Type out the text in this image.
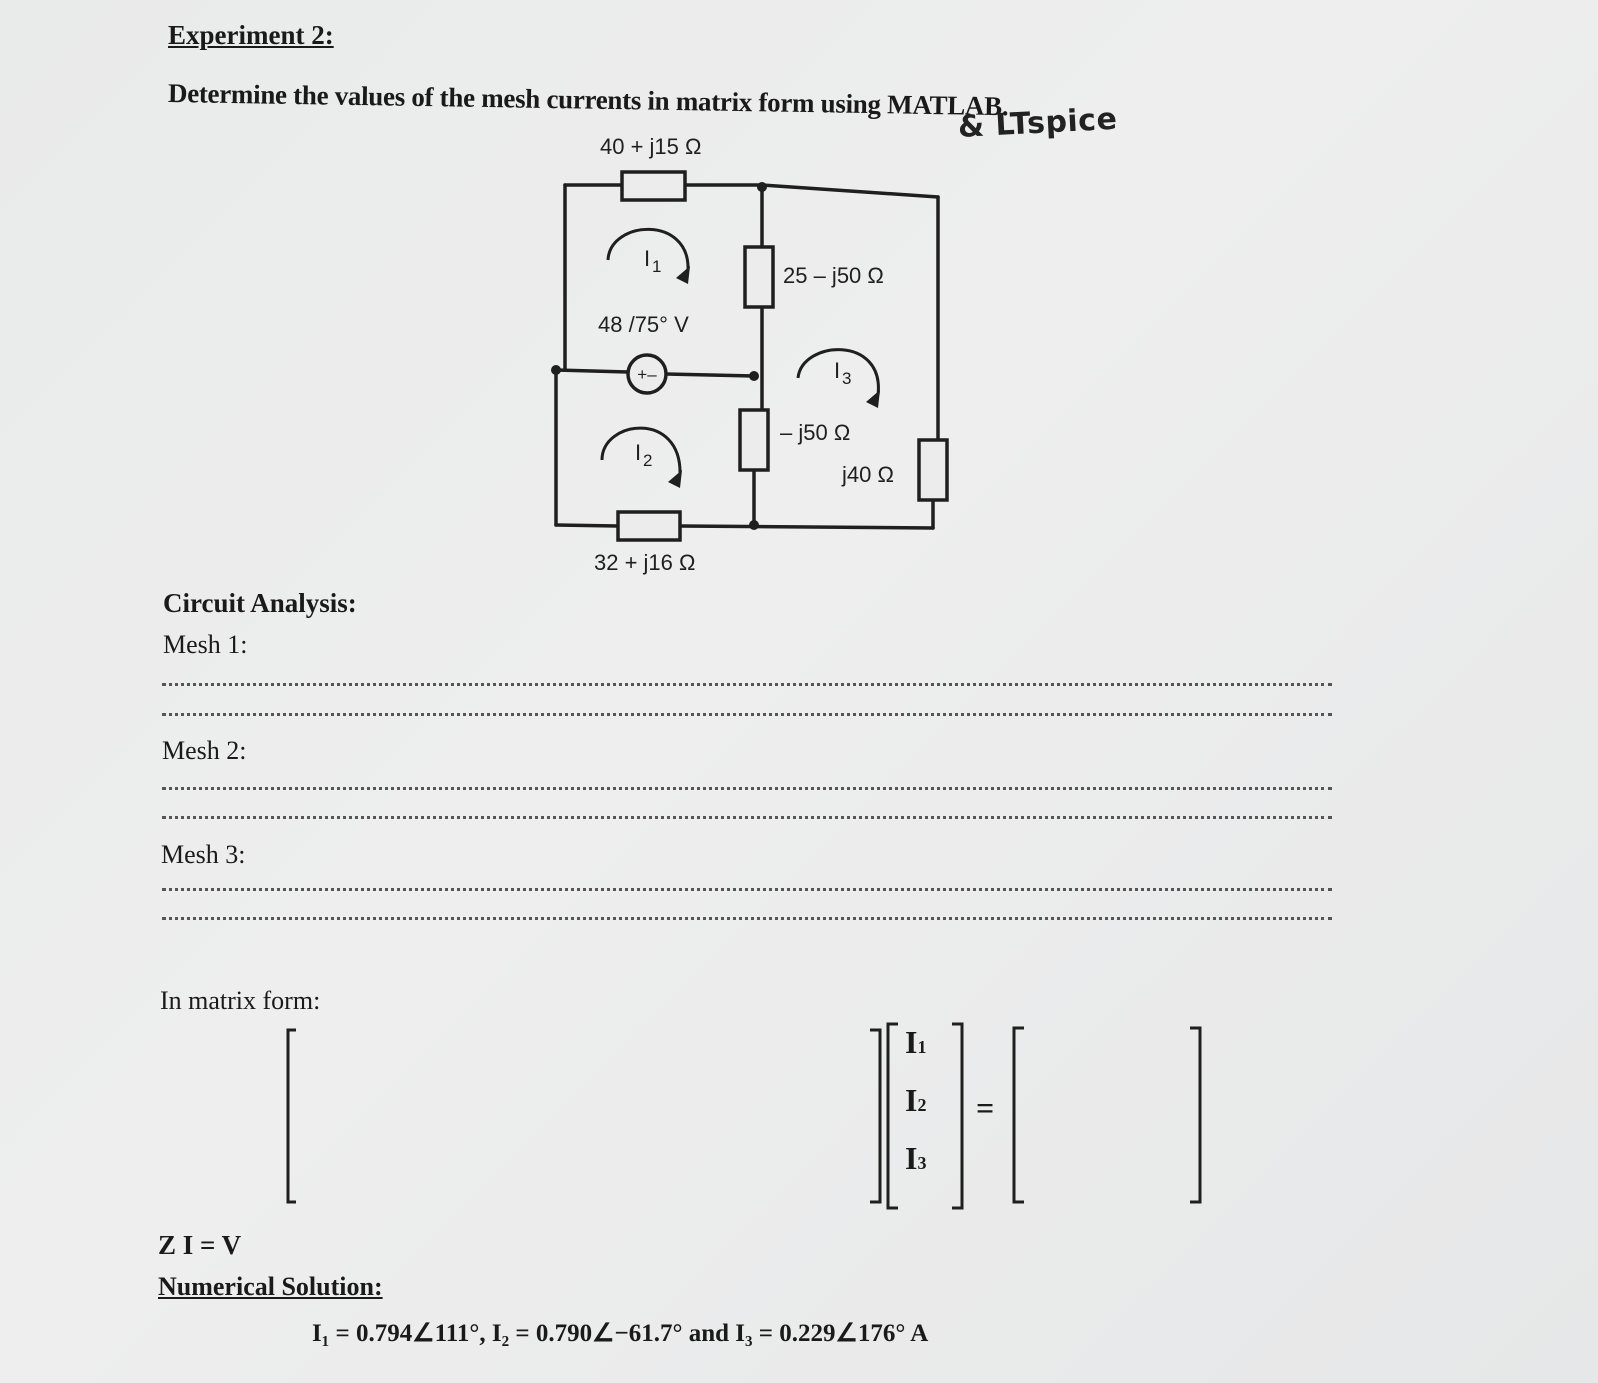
Experiment 2:
Determine the values of the mesh currents in matrix form using MATLAB.
& LTspice
+–
I 1
I 2
I 3
40 + j15 Ω
25 – j50 Ω
48 /75° V
– j50 Ω
j40 Ω
32 + j16 Ω
Circuit Analysis:
Mesh 1:
Mesh 2:
Mesh 3:
In matrix form:
I1
I2
I3
=
Z I = V
Numerical Solution:
I₁ = 0.794∠111°, I₂ = 0.790∠−61.7° and I₃ = 0.229∠176° A
